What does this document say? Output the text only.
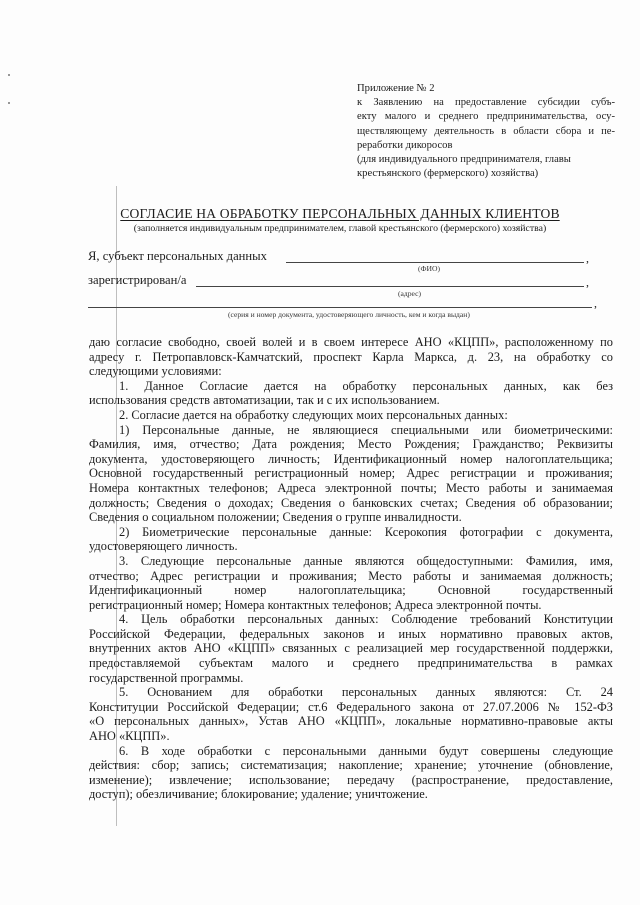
Приложение № 2
к Заявлению на предоставление субсидии субъ-
екту малого и среднего предпринимательства, осу-
ществляющему деятельность в области сбора и пе-
реработки дикоросов
(для индивидуального предпринимателя, главы
крестьянского (фермерского) хозяйства)
СОГЛАСИЕ НА ОБРАБОТКУ ПЕРСОНАЛЬНЫХ ДАННЫХ КЛИЕНТОВ
(заполняется индивидуальным предпринимателем, главой крестьянского (фермерского) хозяйства)
Я, субъект персональных данных	,
(ФИО)
зарегистрирован/а	,
(адрес)
,
(серия и номер документа, удостоверяющего личность, кем и когда выдан)
даю согласие свободно, своей волей и в своем интересе АНО «КЦПП», расположенному по
адресу г. Петропавловск-Камчатский, проспект Карла Маркса, д. 23, на обработку со
следующими условиями:
1. Данное Согласие дается на обработку персональных данных, как без
использования средств автоматизации, так и с их использованием.
2. Согласие дается на обработку следующих моих персональных данных:
1) Персональные данные, не являющиеся специальными или биометрическими:
Фамилия, имя, отчество; Дата рождения; Место Рождения; Гражданство; Реквизиты
документа, удостоверяющего личность; Идентификационный номер налогоплательщика;
Основной государственный регистрационный номер; Адрес регистрации и проживания;
Номера контактных телефонов; Адреса электронной почты; Место работы и занимаемая
должность; Сведения о доходах; Сведения о банковских счетах; Сведения об образовании;
Сведения о социальном положении; Сведения о группе инвалидности.
2) Биометрические персональные данные: Ксерокопия фотографии с документа,
удостоверяющего личность.
3. Следующие персональные данные являются общедоступными: Фамилия, имя,
отчество; Адрес регистрации и проживания; Место работы и занимаемая должность;
Идентификационный номер налогоплательщика; Основной государственный
регистрационный номер; Номера контактных телефонов; Адреса электронной почты.
4. Цель обработки персональных данных: Соблюдение требований Конституции
Российской Федерации, федеральных законов и иных нормативно правовых актов,
внутренних актов АНО «КЦПП» связанных с реализацией мер государственной поддержки,
предоставляемой субъектам малого и среднего предпринимательства в рамках
государственной программы.
5. Основанием для обработки персональных данных являются: Ст. 24
Конституции Российской Федерации; ст.6 Федерального закона от 27.07.2006 № 152-ФЗ
«О персональных данных», Устав АНО «КЦПП», локальные нормативно-правовые акты
АНО «КЦПП».
6. В ходе обработки с персональными данными будут совершены следующие
действия: сбор; запись; систематизация; накопление; хранение; уточнение (обновление,
изменение); извлечение; использование; передачу (распространение, предоставление,
доступ); обезличивание; блокирование; удаление; уничтожение.
